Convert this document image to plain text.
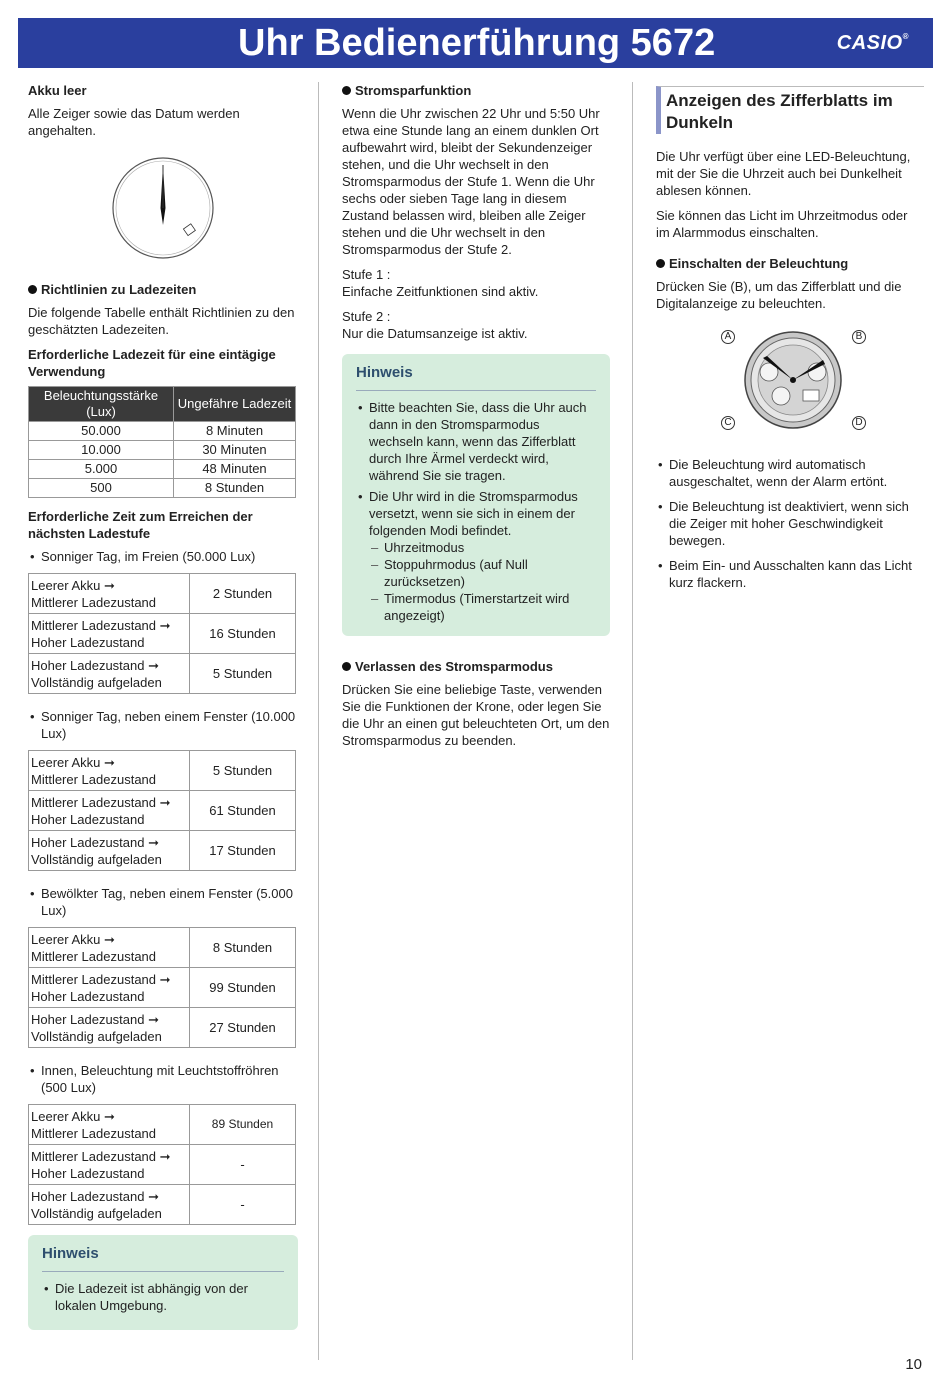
Uhr Bedienerführung 5672	CASIO®
Akku leer

Alle Zeiger sowie das Datum werden angehalten.

Richtlinien zu Ladezeiten

Die folgende Tabelle enthält Richtlinien zu den geschätzten Ladezeiten.

Erforderliche Ladezeit für eine eintägige Verwendung
Beleuchtungsstärke (Lux)	Ungefähre Ladezeit
50.000	8 Minuten
10.000	30 Minuten
5.000	48 Minuten
500	8 Stunden
Erforderliche Zeit zum Erreichen der nächsten Ladestufe
• Sonniger Tag, im Freien (50.000 Lux)
Leerer Akku ➞
Mittlerer Ladezustand	2 Stunden
Mittlerer Ladezustand ➞
Hoher Ladezustand	16 Stunden
Hoher Ladezustand ➞
Vollständig aufgeladen	5 Stunden
• Sonniger Tag, neben einem Fenster (10.000 Lux)
Leerer Akku ➞
Mittlerer Ladezustand	5 Stunden
Mittlerer Ladezustand ➞
Hoher Ladezustand	61 Stunden
Hoher Ladezustand ➞
Vollständig aufgeladen	17 Stunden
• Bewölkter Tag, neben einem Fenster (5.000 Lux)
Leerer Akku ➞
Mittlerer Ladezustand	8 Stunden
Mittlerer Ladezustand ➞
Hoher Ladezustand	99 Stunden
Hoher Ladezustand ➞
Vollständig aufgeladen	27 Stunden
• Innen, Beleuchtung mit Leuchtstoffröhren (500 Lux)
Leerer Akku ➞
Mittlerer Ladezustand	89 Stunden
Mittlerer Ladezustand ➞
Hoher Ladezustand	-
Hoher Ladezustand ➞
Vollständig aufgeladen	-
Hinweis
• Die Ladezeit ist abhängig von der lokalen Umgebung.
Stromsparfunktion

Wenn die Uhr zwischen 22 Uhr und 5:50 Uhr etwa eine Stunde lang an einem dunklen Ort aufbewahrt wird, bleibt der Sekundenzeiger stehen, und die Uhr wechselt in den Stromsparmodus der Stufe 1. Wenn die Uhr sechs oder sieben Tage lang in diesem Zustand belassen wird, bleiben alle Zeiger stehen und die Uhr wechselt in den Stromsparmodus der Stufe 2.

Stufe 1 :

Einfache Zeitfunktionen sind aktiv.

Stufe 2 :

Nur die Datumsanzeige ist aktiv.

Hinweis
• Bitte beachten Sie, dass die Uhr auch dann in den Stromsparmodus wechseln kann, wenn das Zifferblatt durch Ihre Ärmel verdeckt wird, während Sie sie tragen.
• Die Uhr wird in die Stromsparmodus versetzt, wenn sie sich in einem der folgenden Modi befindet.
– Uhrzeitmodus
– Stoppuhrmodus (auf Null zurücksetzen)
– Timermodus (Timerstartzeit wird angezeigt)
Verlassen des Stromsparmodus

Drücken Sie eine beliebige Taste, verwenden Sie die Funktionen der Krone, oder legen Sie die Uhr an einen gut beleuchteten Ort, um den Stromsparmodus zu beenden.

Anzeigen des Zifferblatts im Dunkeln

Die Uhr verfügt über eine LED-Beleuchtung, mit der Sie die Uhrzeit auch bei Dunkelheit ablesen können.

Sie können das Licht im Uhrzeitmodus oder im Alarmmodus einschalten.

Einschalten der Beleuchtung

Drücken Sie (B), um das Zifferblatt und die Digitalanzeige zu beleuchten.

A	B
C	D
• Die Beleuchtung wird automatisch ausgeschaltet, wenn der Alarm ertönt.
• Die Beleuchtung ist deaktiviert, wenn sich die Zeiger mit hoher Geschwindigkeit bewegen.
• Beim Ein- und Ausschalten kann das Licht kurz flackern.
10
